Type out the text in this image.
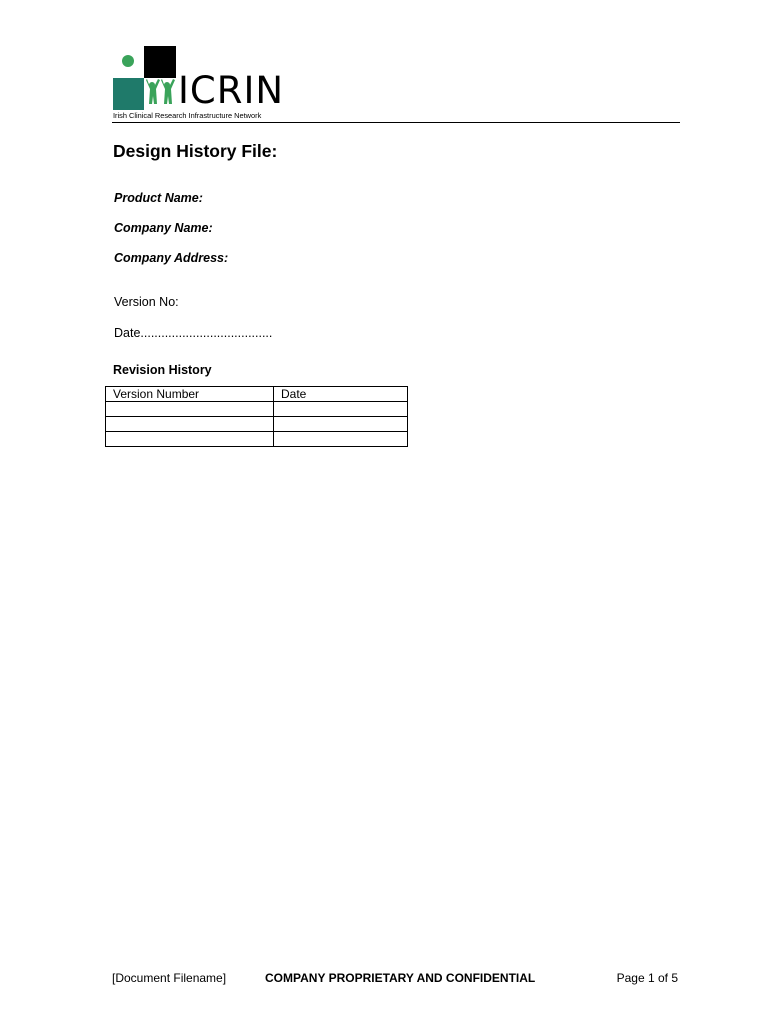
ICRIN
Irish Clinical Research Infrastructure Network
Design History File:
Product Name:
Company Name:
Company Address:
Version No:
Date......................................
Revision History
Version Number	Date

[Document Filename]	COMPANY PROPRIETARY AND CONFIDENTIAL	Page 1 of 5
